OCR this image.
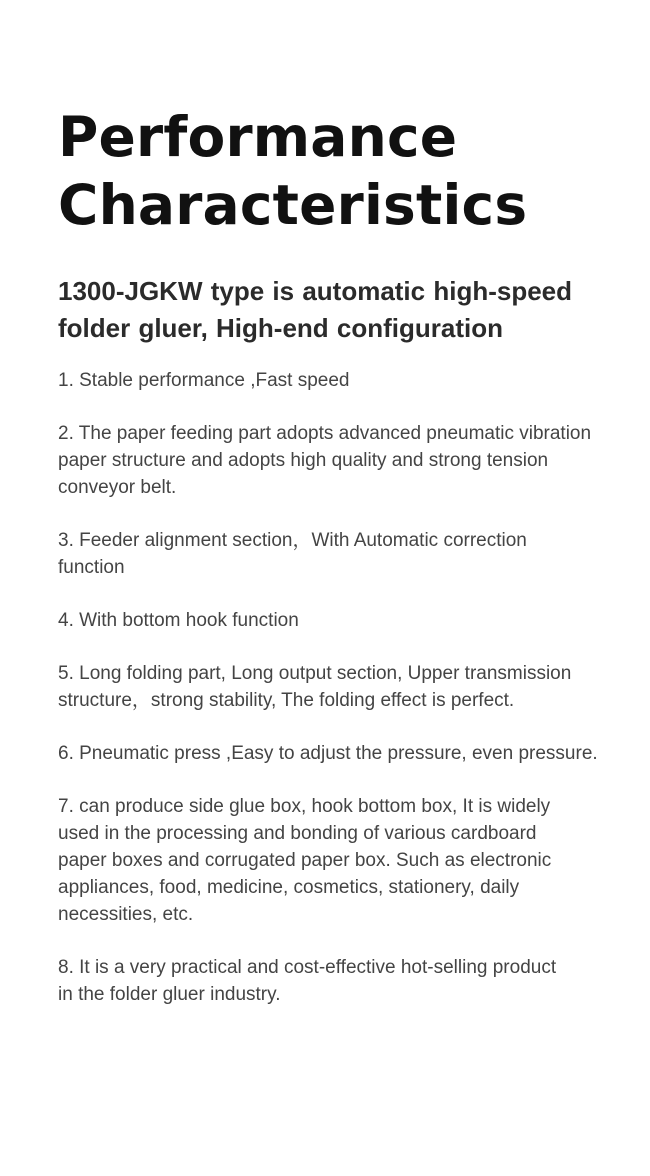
Performance
Characteristics
1300-JGKW type is automatic high-speed
folder gluer, High-end configuration

1. Stable performance ,Fast speed

2. The paper feeding part adopts advanced pneumatic vibration
paper structure and adopts high quality and strong tension
conveyor belt.

3. Feeder alignment section，With Automatic correction
function

4. With bottom hook function

5. Long folding part, Long output section, Upper transmission
structure，strong stability, The folding effect is perfect.

6. Pneumatic press ,Easy to adjust the pressure, even pressure.

7. can produce side glue box, hook bottom box, It is widely
used in the processing and bonding of various cardboard
paper boxes and corrugated paper box. Such as electronic
appliances, food, medicine, cosmetics, stationery, daily
necessities, etc.

8. It is a very practical and cost-effective hot-selling product
in the folder gluer industry.
